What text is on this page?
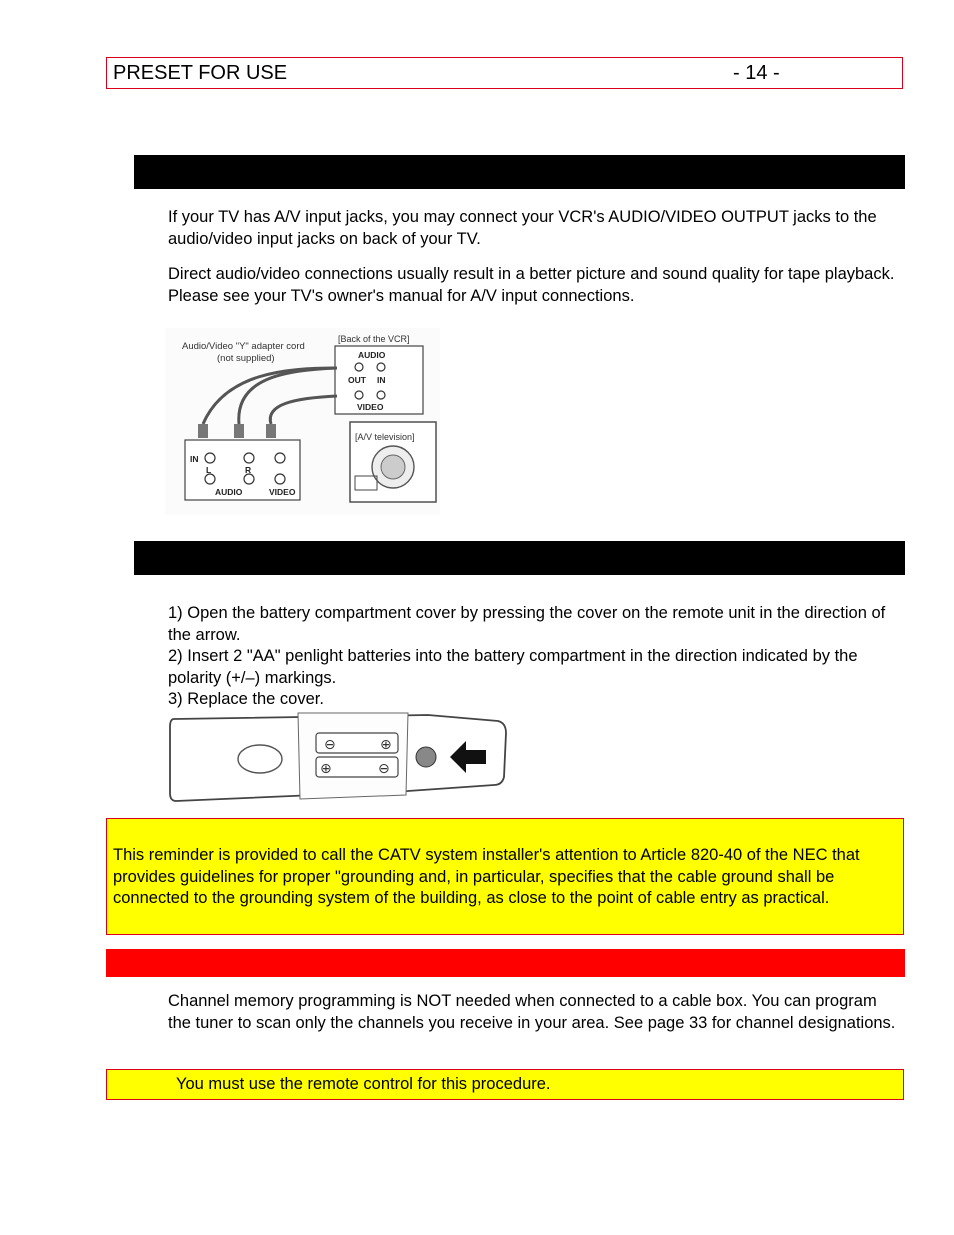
PRESET FOR USE	- 14 -

If your TV has A/V input jacks, you may connect your VCR's AUDIO/VIDEO OUTPUT jacks to the audio/video input jacks on back of your TV.

Direct audio/video connections usually result in a better picture and sound quality for tape playback. Please see your TV's owner's manual for A/V input connections.

Audio/Video "Y" adapter cord
(not supplied)
[Back of the VCR]
AUDIO
OUT IN
VIDEO
IN
L	R
AUDIO	VIDEO
[A/V television]

1) Open the battery compartment cover by pressing the cover on the remote unit in the direction of the arrow.

2) Insert 2 "AA" penlight batteries into the battery compartment in the direction indicated by the polarity (+/–) markings.

3) Replace the cover.

⊖	⊕
⊕	⊖

This reminder is provided to call the CATV system installer's attention to Article 820-40 of the NEC that provides guidelines for proper "grounding and, in particular, specifies that the cable ground shall be connected to the grounding system of the building, as close to the point of cable entry as practical.

Channel memory programming is NOT needed when connected to a cable box. You can program the tuner to scan only the channels you receive in your area. See page 33 for channel designations.

You must use the remote control for this procedure.
